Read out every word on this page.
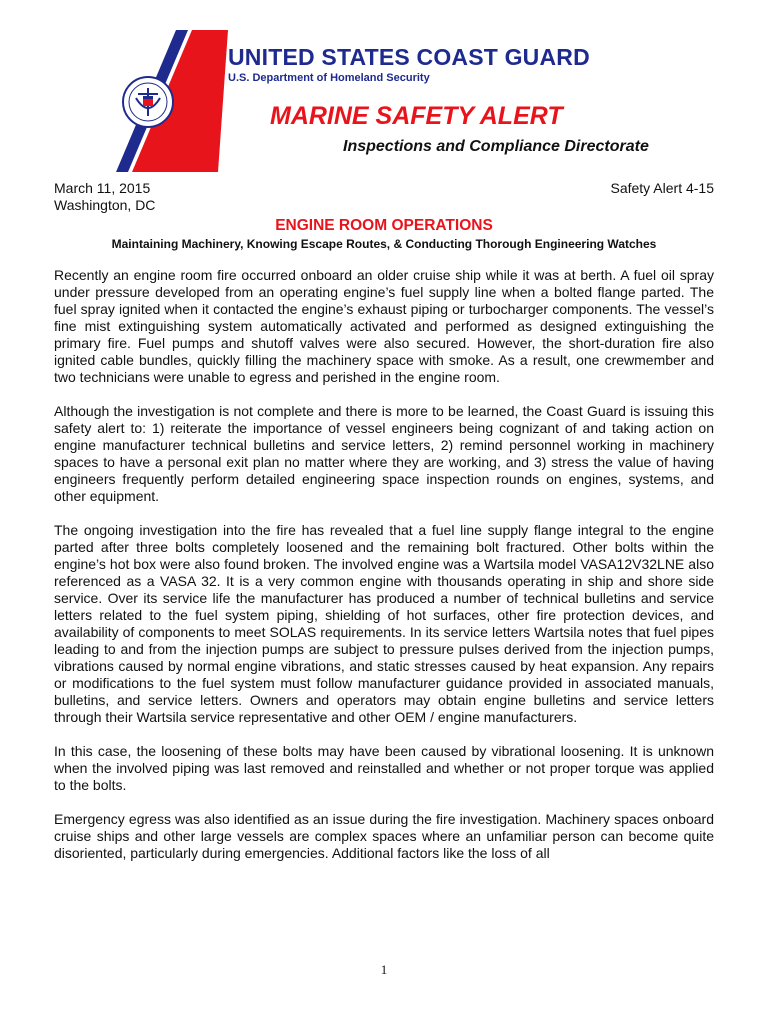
UNITED STATES COAST GUARD
U.S. Department of Homeland Security
MARINE SAFETY ALERT
Inspections and Compliance Directorate
March 11, 2015
Washington, DC
Safety Alert 4-15
ENGINE ROOM OPERATIONS
Maintaining Machinery, Knowing Escape Routes, & Conducting Thorough Engineering Watches

Recently an engine room fire occurred onboard an older cruise ship while it was at berth. A fuel oil spray under pressure developed from an operating engine’s fuel supply line when a bolted flange parted. The fuel spray ignited when it contacted the engine’s exhaust piping or turbocharger components. The vessel’s fine mist extinguishing system automatically activated and performed as designed extinguishing the primary fire. Fuel pumps and shutoff valves were also secured. However, the short-duration fire also ignited cable bundles, quickly filling the machinery space with smoke. As a result, one crewmember and two technicians were unable to egress and perished in the engine room.

Although the investigation is not complete and there is more to be learned, the Coast Guard is issuing this safety alert to: 1) reiterate the importance of vessel engineers being cognizant of and taking action on engine manufacturer technical bulletins and service letters, 2) remind personnel working in machinery spaces to have a personal exit plan no matter where they are working, and 3) stress the value of having engineers frequently perform detailed engineering space inspection rounds on engines, systems, and other equipment.

The ongoing investigation into the fire has revealed that a fuel line supply flange integral to the engine parted after three bolts completely loosened and the remaining bolt fractured. Other bolts within the engine’s hot box were also found broken. The involved engine was a Wartsila model VASA12V32LNE also referenced as a VASA 32. It is a very common engine with thousands operating in ship and shore side service. Over its service life the manufacturer has produced a number of technical bulletins and service letters related to the fuel system piping, shielding of hot surfaces, other fire protection devices, and availability of components to meet SOLAS requirements. In its service letters Wartsila notes that fuel pipes leading to and from the injection pumps are subject to pressure pulses derived from the injection pumps, vibrations caused by normal engine vibrations, and static stresses caused by heat expansion. Any repairs or modifications to the fuel system must follow manufacturer guidance provided in associated manuals, bulletins, and service letters. Owners and operators may obtain engine bulletins and service letters through their Wartsila service representative and other OEM / engine manufacturers.

In this case, the loosening of these bolts may have been caused by vibrational loosening. It is unknown when the involved piping was last removed and reinstalled and whether or not proper torque was applied to the bolts.

Emergency egress was also identified as an issue during the fire investigation. Machinery spaces onboard cruise ships and other large vessels are complex spaces where an unfamiliar person can become quite disoriented, particularly during emergencies. Additional factors like the loss of all

1
